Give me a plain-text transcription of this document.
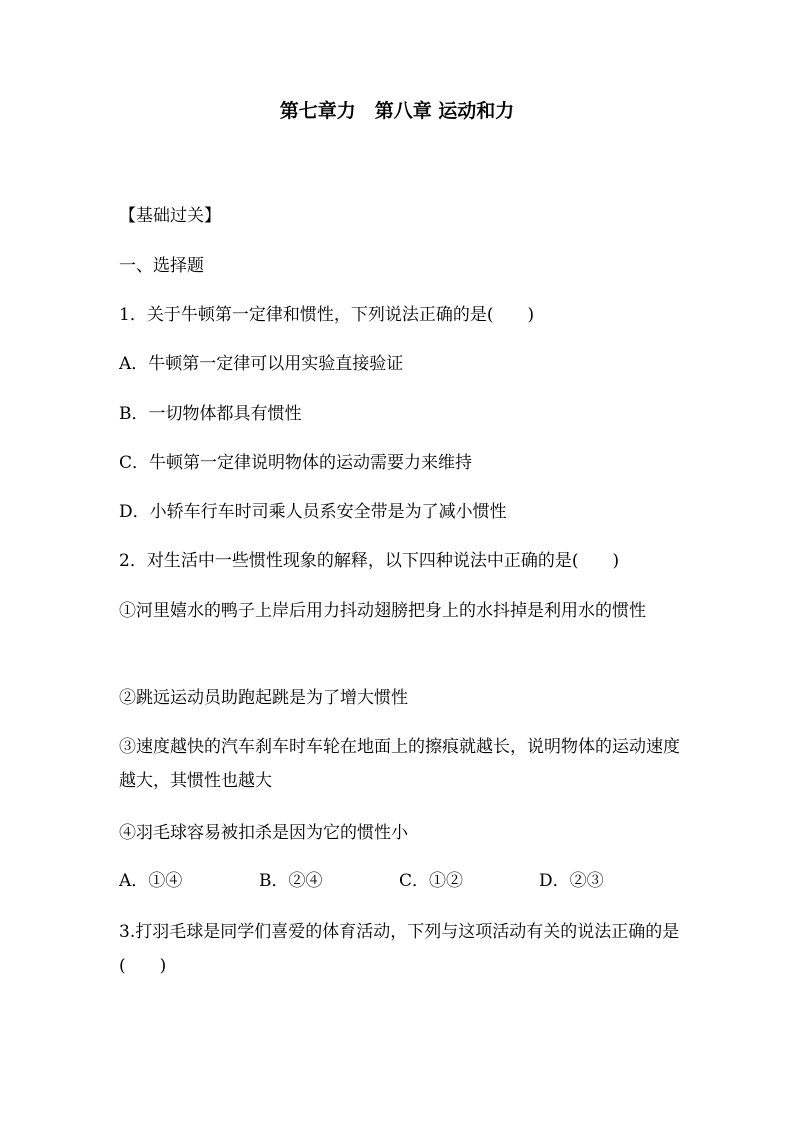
第七章力　第八章 运动和力
【基础过关】
一、选择题
1．关于牛顿第一定律和惯性，下列说法正确的是(　　)
A．牛顿第一定律可以用实验直接验证
B．一切物体都具有惯性
C．牛顿第一定律说明物体的运动需要力来维持
D．小轿车行车时司乘人员系安全带是为了减小惯性
2．对生活中一些惯性现象的解释，以下四种说法中正确的是(　　)
①河里嬉水的鸭子上岸后用力抖动翅膀把身上的水抖掉是利用水的惯性
②跳远运动员助跑起跳是为了增大惯性
③速度越快的汽车刹车时车轮在地面上的擦痕就越长，说明物体的运动速度越大，其惯性也越大
④羽毛球容易被扣杀是因为它的惯性小
A．①④	B．②④	C．①②	D．②③
3.打羽毛球是同学们喜爱的体育活动，下列与这项活动有关的说法正确的是(　　)
